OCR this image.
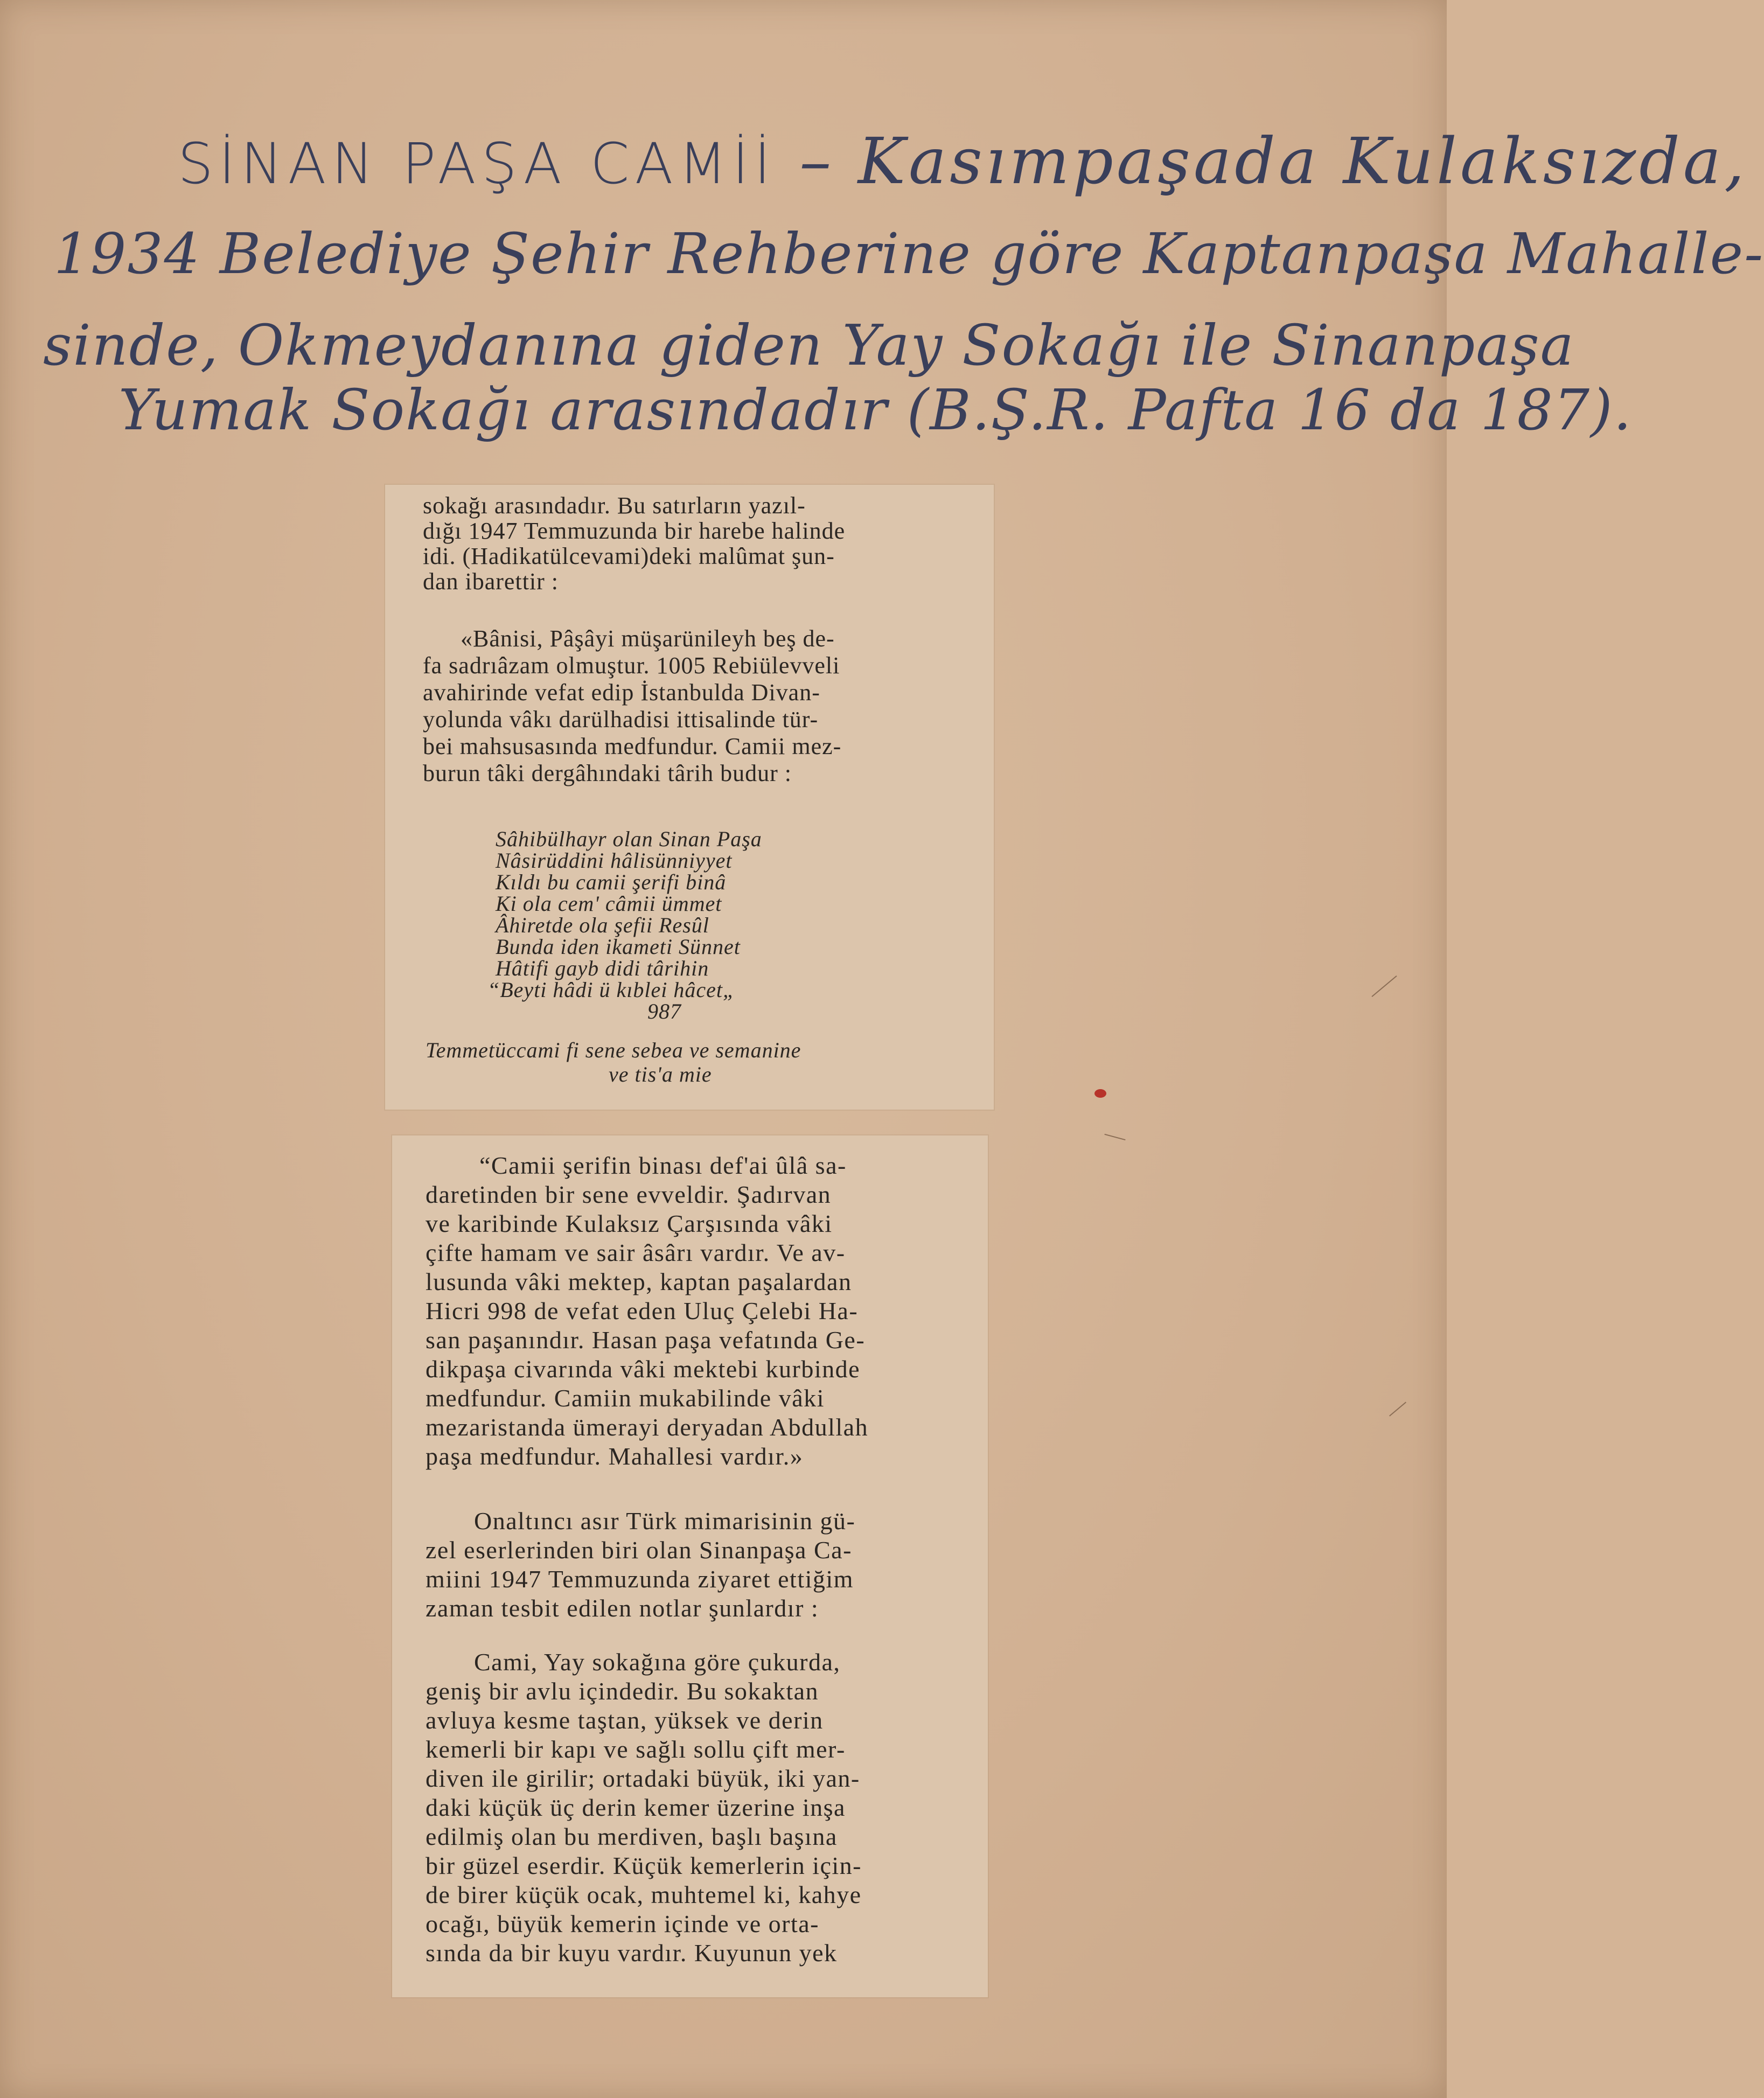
SİNAN PAŞA CAMİİ – Kasımpaşada Kulaksızda,
1934 Belediye Şehir Rehberine göre Kaptanpaşa Mahalle-
sinde, Okmeydanına giden Yay Sokağı ile Sinanpaşa
Yumak Sokağı arasındadır (B.Ş.R. Pafta 16 da 187).
sokağı arasındadır. Bu satırların yazıl-
dığı 1947 Temmuzunda bir harebe halinde
idi. (Hadikatülcevami)deki malûmat şun-
dan ibarettir :
«Bânisi, Pâşâyi müşarünileyh beş de-
fa sadrıâzam olmuştur. 1005 Rebiülevveli
avahirinde vefat edip İstanbulda Divan-
yolunda vâkı darülhadisi ittisalinde tür-
bei mahsusasında medfundur. Camii mez-
burun tâki dergâhındaki târih budur :
Sâhibülhayr olan Sinan Paşa
Nâsirüddini hâlisünniyyet
Kıldı bu camii şerifi binâ
Ki ola cem' câmii ümmet
Âhiretde ola şefii Resûl
Bunda iden ikameti Sünnet
Hâtifi gayb didi târihin
“Beyti hâdi ü kıblei hâcet„
987
Temmetüccami fi sene sebea ve semanine
ve tis'a mie
“Camii şerifin binası def'ai ûlâ sa-
daretinden bir sene evveldir. Şadırvan
ve karibinde Kulaksız Çarşısında vâki
çifte hamam ve sair âsârı vardır. Ve av-
lusunda vâki mektep, kaptan paşalardan
Hicri 998 de vefat eden Uluç Çelebi Ha-
san paşanındır. Hasan paşa vefatında Ge-
dikpaşa civarında vâki mektebi kurbinde
medfundur. Camiin mukabilinde vâki
mezaristanda ümerayi deryadan Abdullah
paşa medfundur. Mahallesi vardır.»
Onaltıncı asır Türk mimarisinin gü-
zel eserlerinden biri olan Sinanpaşa Ca-
miini 1947 Temmuzunda ziyaret ettiğim
zaman tesbit edilen notlar şunlardır :
Cami, Yay sokağına göre çukurda,
geniş bir avlu içindedir. Bu sokaktan
avluya kesme taştan, yüksek ve derin
kemerli bir kapı ve sağlı sollu çift mer-
diven ile girilir; ortadaki büyük, iki yan-
daki küçük üç derin kemer üzerine inşa
edilmiş olan bu merdiven, başlı başına
bir güzel eserdir. Küçük kemerlerin için-
de birer küçük ocak, muhtemel ki, kahye
ocağı, büyük kemerin içinde ve orta-
sında da bir kuyu vardır. Kuyunun yek
